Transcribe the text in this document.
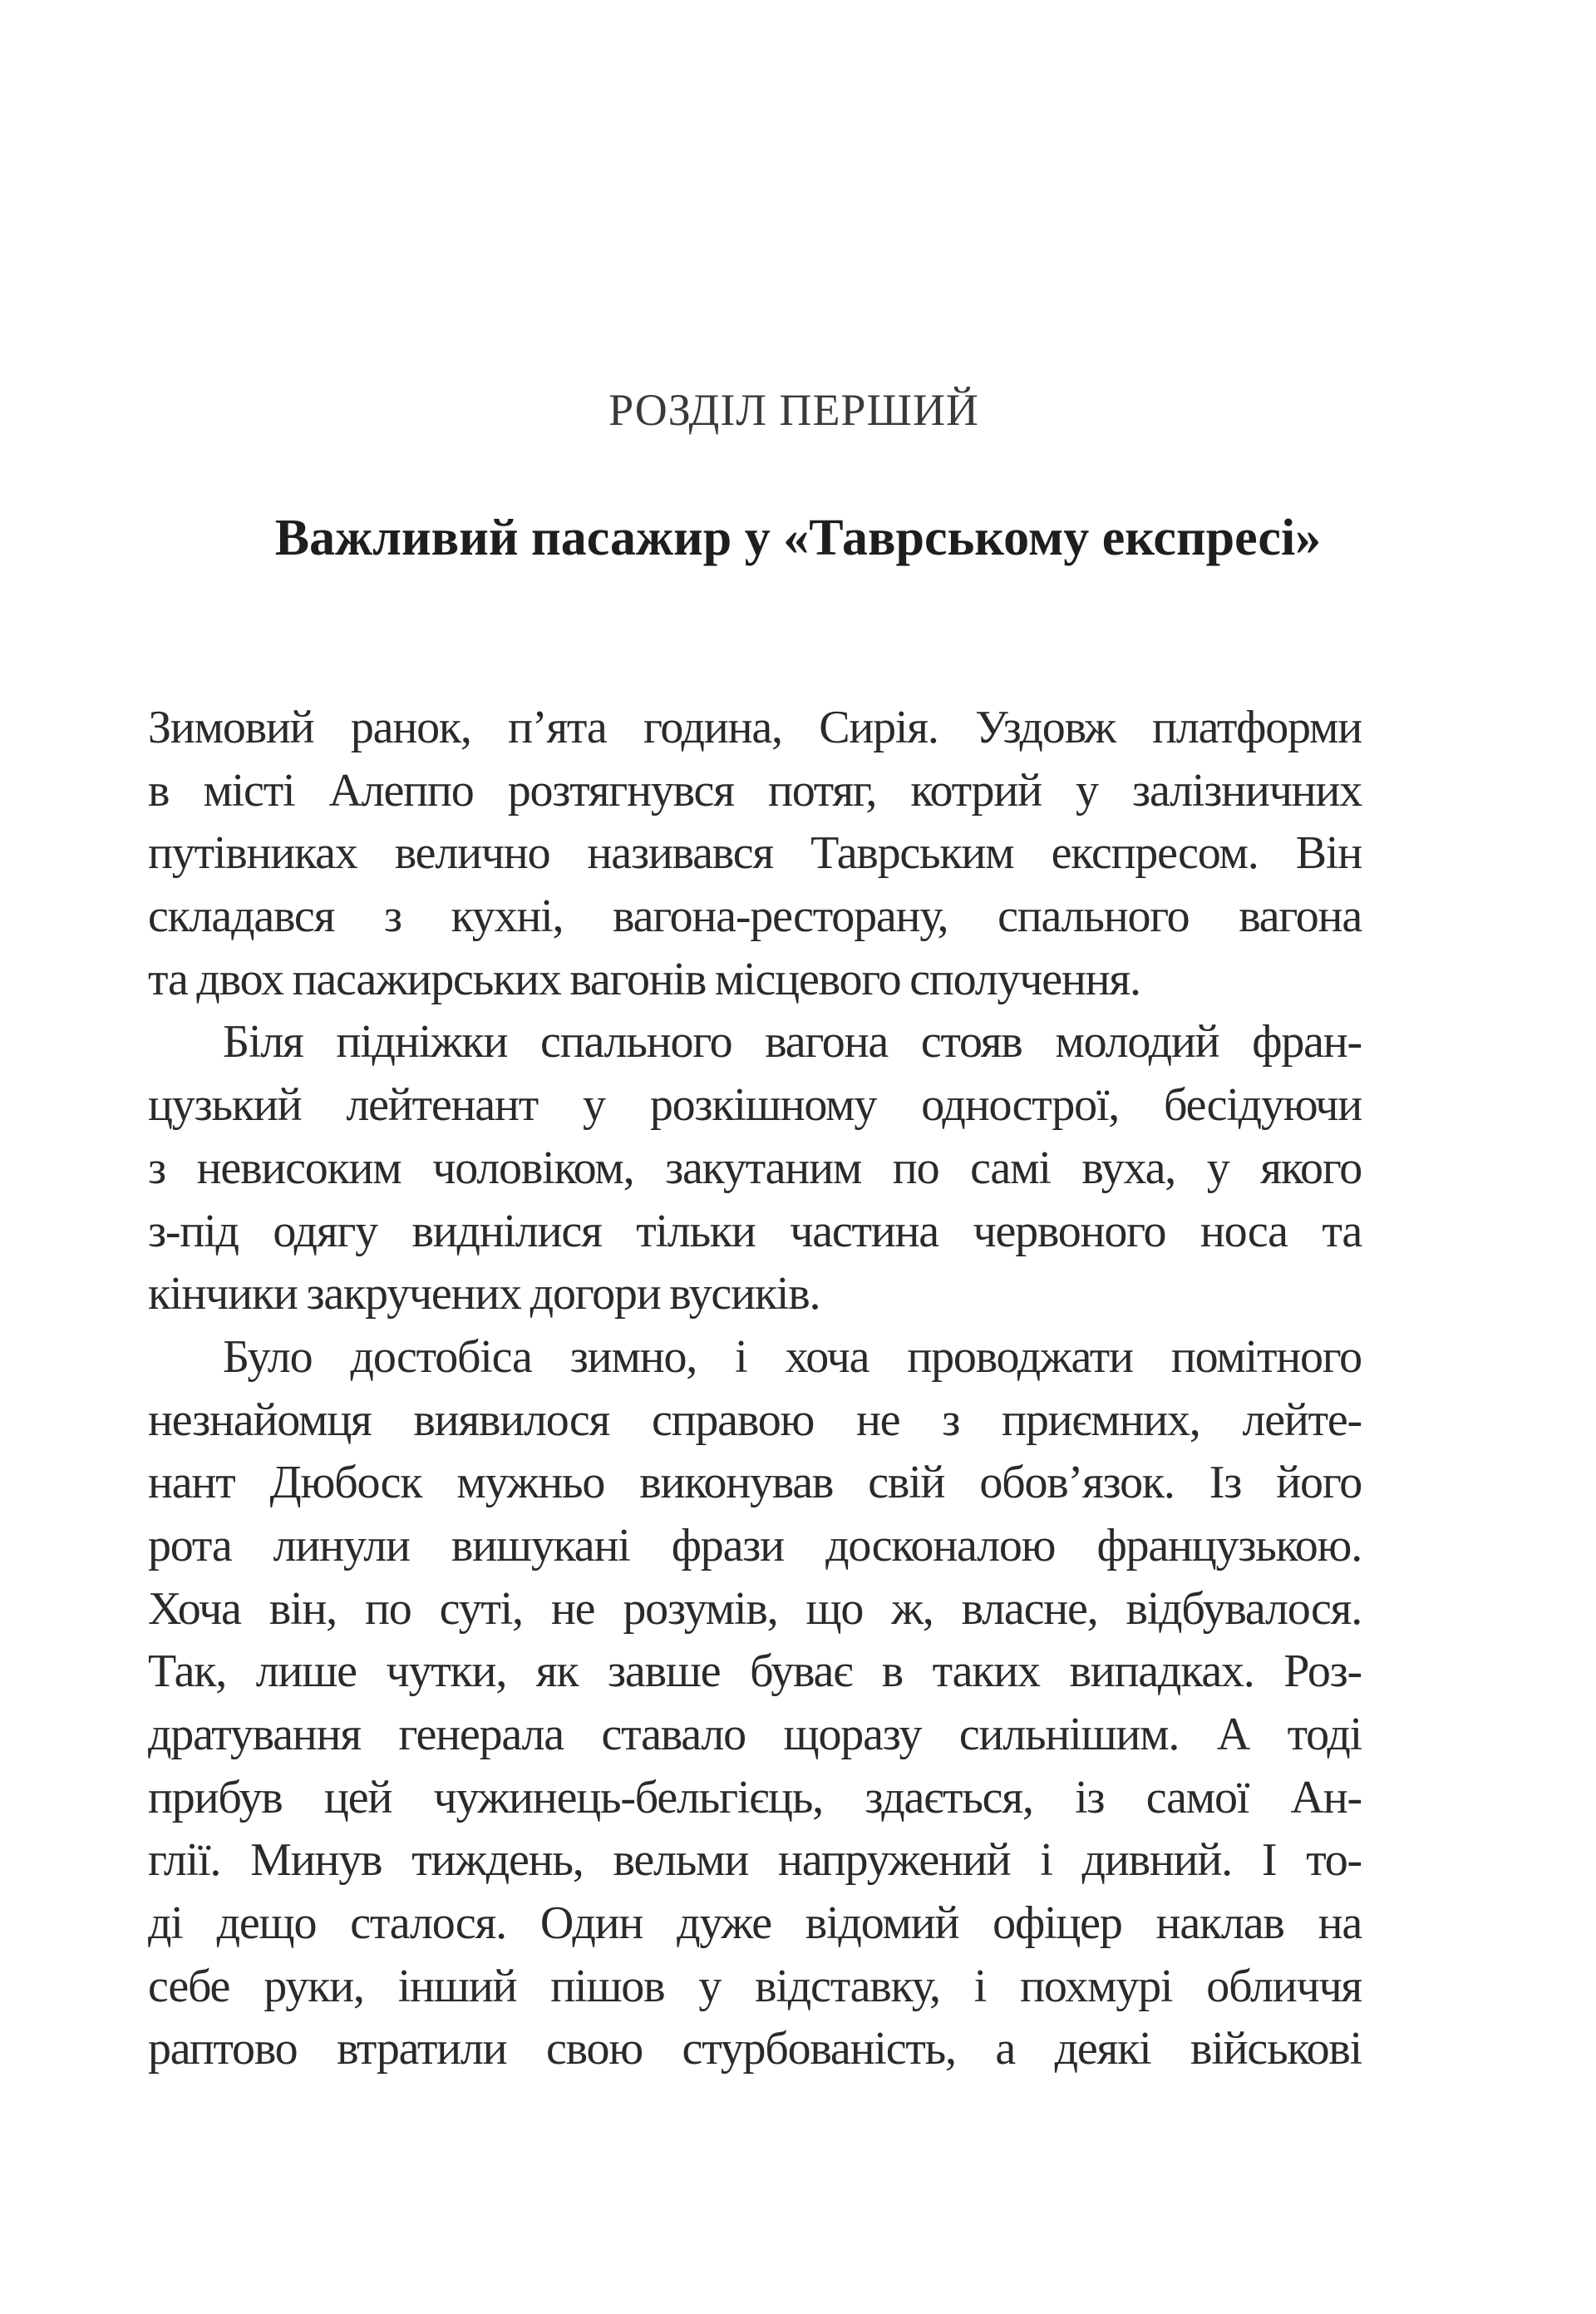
РОЗДІЛ ПЕРШИЙ
Важливий пасажир у «Таврському експресі»
Зимовий ранок, п’ята година, Сирія. Уздовж платформи
в місті Алеппо розтягнувся потяг, котрий у залізничних
путівниках велично називався Таврським експресом. Він
складався з кухні, вагона-ресторану, спального вагона
та двох пасажирських вагонів місцевого сполучення.
Біля підніжки спального вагона стояв молодий фран-
цузький лейтенант у розкішному однострої, бесідуючи
з невисоким чоловіком, закутаним по самі вуха, у якого
з-під одягу виднілися тільки частина червоного носа та
кінчики закручених догори вусиків.
Було достобіса зимно, і хоча проводжати помітного
незнайомця виявилося справою не з приємних, лейте-
нант Дюбоск мужньо виконував свій обов’язок. Із його
рота линули вишукані фрази досконалою французькою.
Хоча він, по суті, не розумів, що ж, власне, відбувалося.
Так, лише чутки, як завше буває в таких випадках. Роз-
дратування генерала ставало щоразу сильнішим. А тоді
прибув цей чужинець-бельгієць, здається, із самої Ан-
глії. Минув тиждень, вельми напружений і дивний. І то-
ді дещо сталося. Один дуже відомий офіцер наклав на
себе руки, інший пішов у відставку, і похмурі обличчя
раптово втратили свою стурбованість, а деякі військові
